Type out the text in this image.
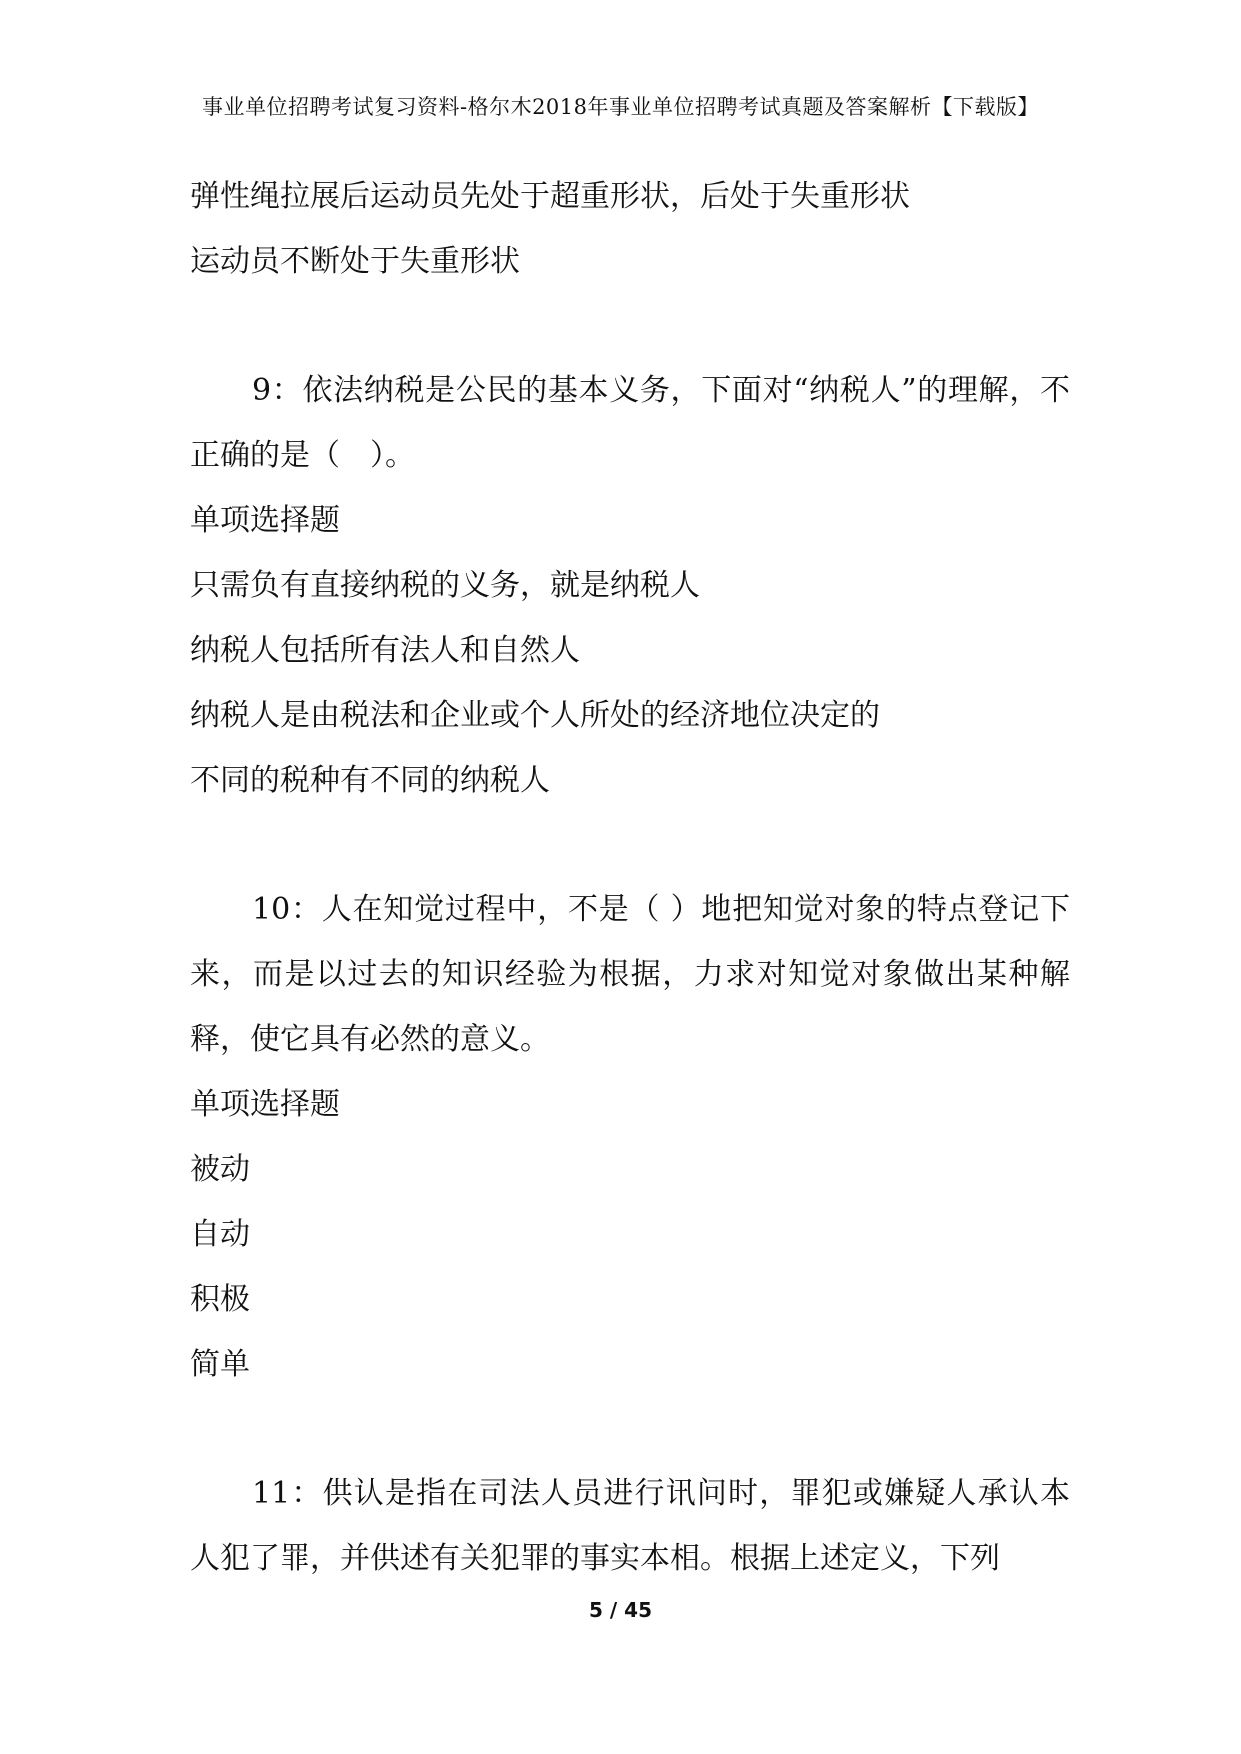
事业单位招聘考试复习资料-格尔木2018年事业单位招聘考试真题及答案解析【下载版】

弹性绳拉展后运动员先处于超重形状，后处于失重形状

运动员不断处于失重形状

9：依法纳税是公民的基本义务，下面对“纳税人”的理解，不正确的是（　）。

单项选择题

只需负有直接纳税的义务，就是纳税人

纳税人包括所有法人和自然人

纳税人是由税法和企业或个人所处的经济地位决定的

不同的税种有不同的纳税人

10：人在知觉过程中，不是（ ）地把知觉对象的特点登记下来，而是以过去的知识经验为根据，力求对知觉对象做出某种解释，使它具有必然的意义。

单项选择题

被动

自动

积极

简单

11：供认是指在司法人员进行讯问时，罪犯或嫌疑人承认本人犯了罪，并供述有关犯罪的事实本相。根据上述定义，下列

5 / 45
